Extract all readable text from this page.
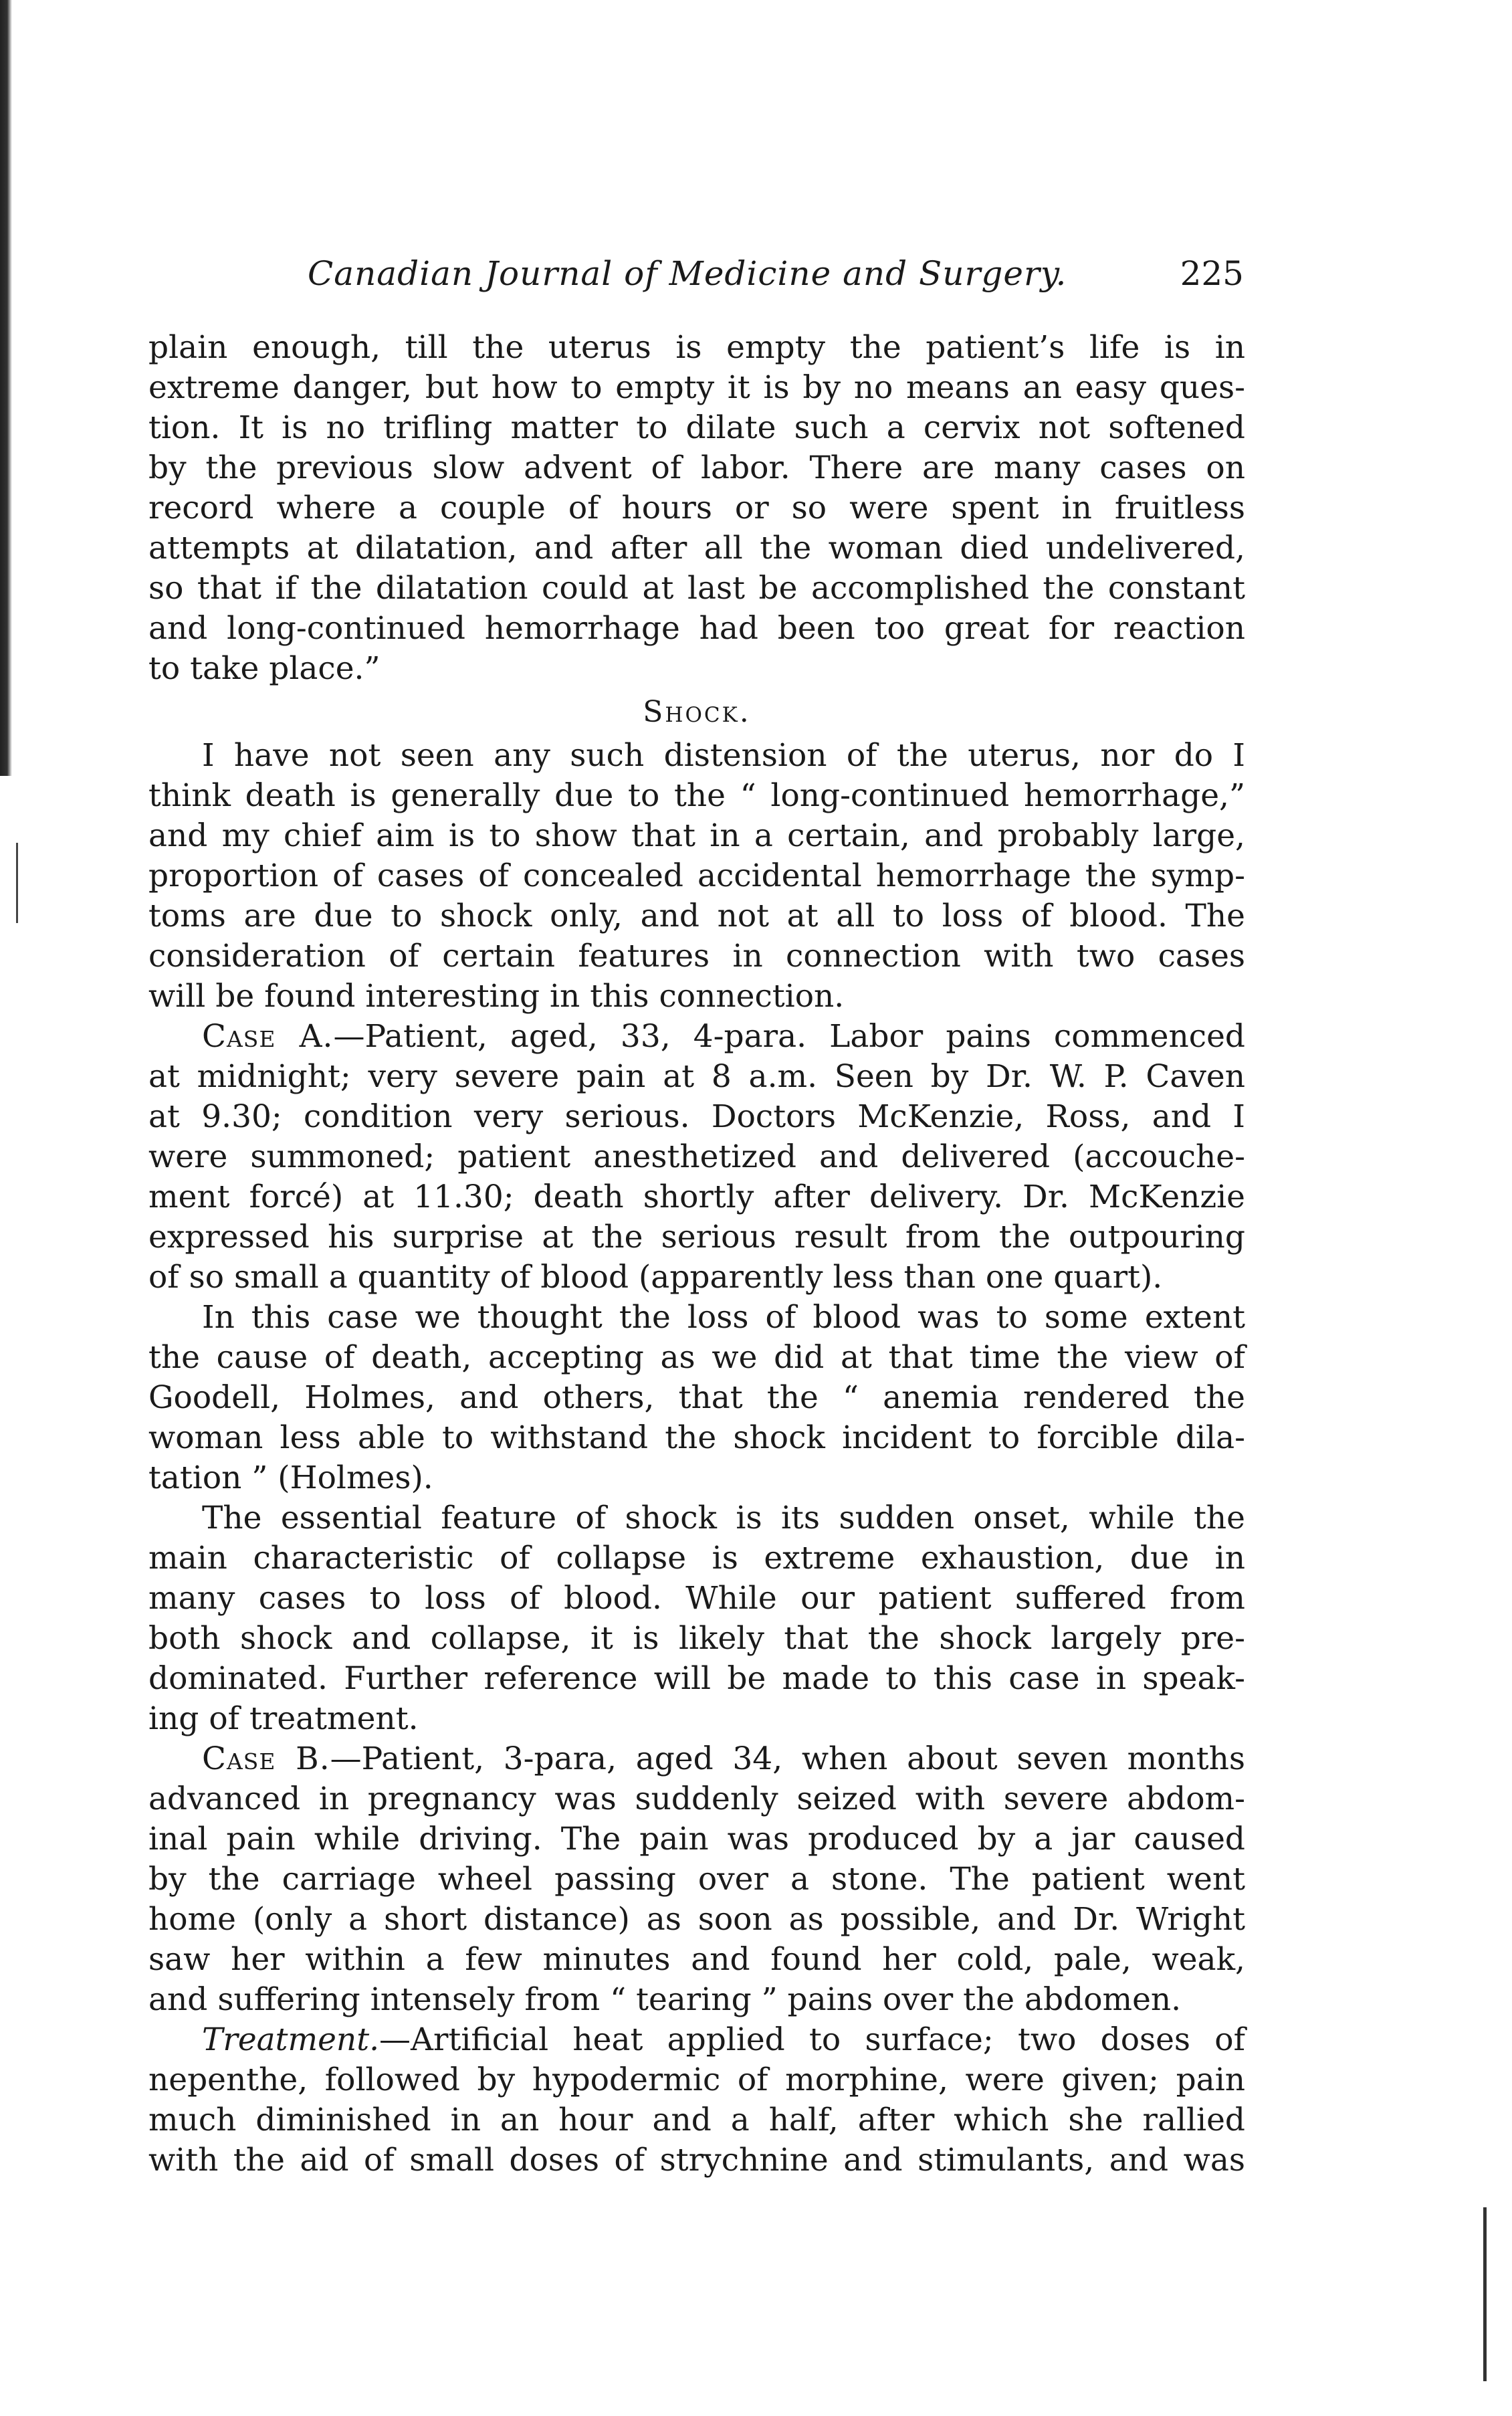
Canadian Journal of Medicine and Surgery.	225
plain enough, till the uterus is empty the patient’s life is in
extreme danger, but how to empty it is by no means an easy ques-
tion. It is no trifling matter to dilate such a cervix not softened
by the previous slow advent of labor. There are many cases on
record where a couple of hours or so were spent in fruitless
attempts at dilatation, and after all the woman died undelivered,
so that if the dilatation could at last be accomplished the constant
and long-continued hemorrhage had been too great for reaction
to take place.”
Shock.
I have not seen any such distension of the uterus, nor do I
think death is generally due to the “ long-continued hemorrhage,”
and my chief aim is to show that in a certain, and probably large,
proportion of cases of concealed accidental hemorrhage the symp-
toms are due to shock only, and not at all to loss of blood. The
consideration of certain features in connection with two cases
will be found interesting in this connection.
Case A.—Patient, aged, 33, 4-para. Labor pains commenced
at midnight; very severe pain at 8 a.m. Seen by Dr. W. P. Caven
at 9.30; condition very serious. Doctors McKenzie, Ross, and I
were summoned; patient anesthetized and delivered (accouche-
ment forcé) at 11.30; death shortly after delivery. Dr. McKenzie
expressed his surprise at the serious result from the outpouring
of so small a quantity of blood (apparently less than one quart).
In this case we thought the loss of blood was to some extent
the cause of death, accepting as we did at that time the view of
Goodell, Holmes, and others, that the “ anemia rendered the
woman less able to withstand the shock incident to forcible dila-
tation ” (Holmes).
The essential feature of shock is its sudden onset, while the
main characteristic of collapse is extreme exhaustion, due in
many cases to loss of blood. While our patient suffered from
both shock and collapse, it is likely that the shock largely pre-
dominated. Further reference will be made to this case in speak-
ing of treatment.
Case B.—Patient, 3-para, aged 34, when about seven months
advanced in pregnancy was suddenly seized with severe abdom-
inal pain while driving. The pain was produced by a jar caused
by the carriage wheel passing over a stone. The patient went
home (only a short distance) as soon as possible, and Dr. Wright
saw her within a few minutes and found her cold, pale, weak,
and suffering intensely from “ tearing ” pains over the abdomen.
Treatment.—Artificial heat applied to surface; two doses of
nepenthe, followed by hypodermic of morphine, were given; pain
much diminished in an hour and a half, after which she rallied
with the aid of small doses of strychnine and stimulants, and was
